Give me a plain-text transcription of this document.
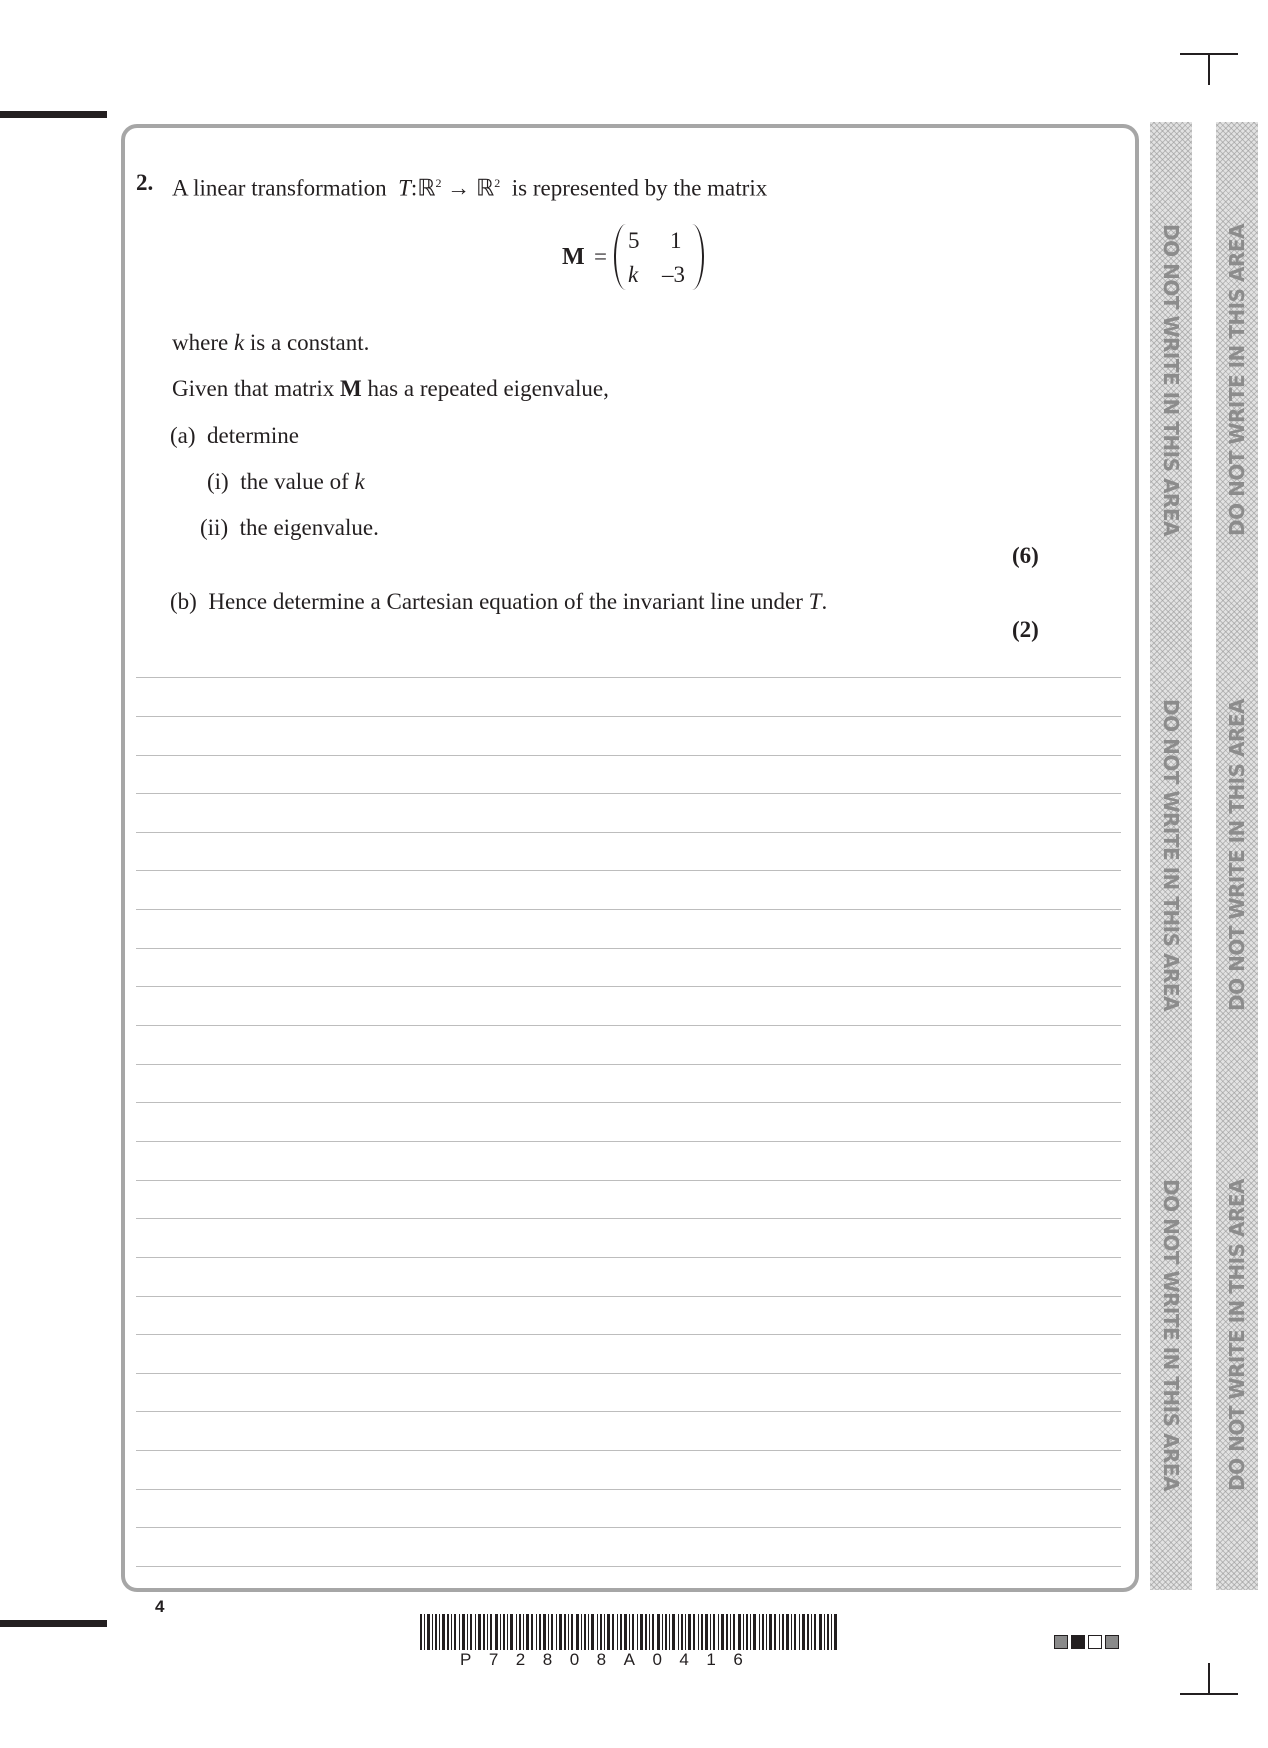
2. A linear transformation T:ℝ$^2$ → ℝ$^2$ is represented by the matrix
M =
5 1
k –3
where k is a constant.
Given that matrix M has a repeated eigenvalue,
(a) determine
(i) the value of k
(ii) the eigenvalue.
(6)
(b) Hence determine a Cartesian equation of the invariant line under T.
(2)
DO NOT WRITE IN THIS AREA
DO NOT WRITE IN THIS AREA
DO NOT WRITE IN THIS AREA
DO NOT WRITE IN THIS AREA
DO NOT WRITE IN THIS AREA
DO NOT WRITE IN THIS AREA
4
P72808A0416
